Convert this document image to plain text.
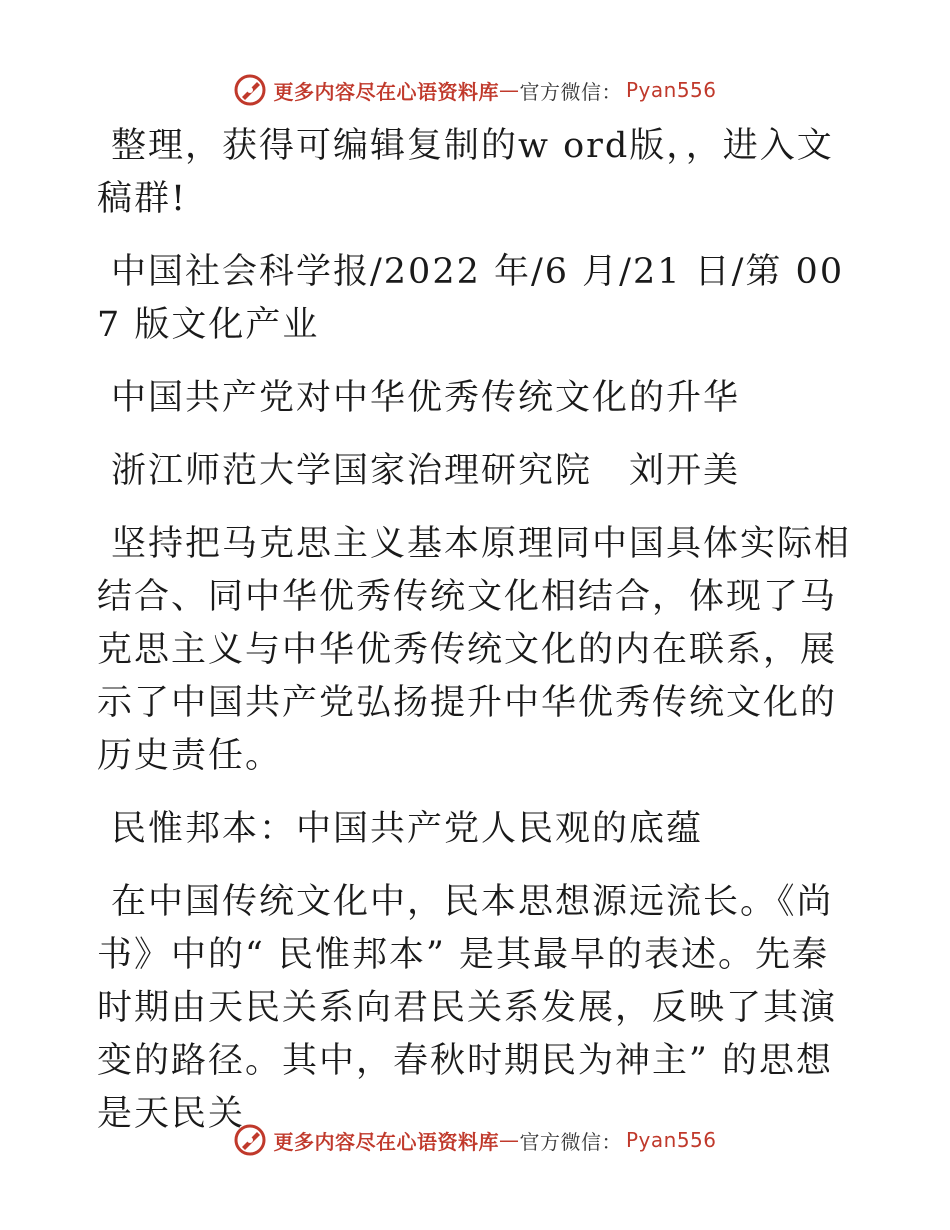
更多内容尽在心语资料库 — 官方微信： Pyan556

整理，获得可编辑复制的w ord版，，进入文稿群!

中国社会科学报/2022 年/6 月/21 日/第 007 版文化产业

中国共产党对中华优秀传统文化的升华

浙江师范大学国家治理研究院　刘开美

坚持把马克思主义基本原理同中国具体实际相结合、同中华优秀传统文化相结合，体现了马克思主义与中华优秀传统文化的内在联系，展示了中国共产党弘扬提升中华优秀传统文化的历史责任。

民惟邦本：中国共产党人民观的底蕴

在中国传统文化中，民本思想源远流长。《尚书》中的“ 民惟邦本” 是其最早的表述。先秦时期由天民关系向君民关系发展，反映了其演变的路径。其中，春秋时期民为神主” 的思想是天民关

更多内容尽在心语资料库 — 官方微信： Pyan556
